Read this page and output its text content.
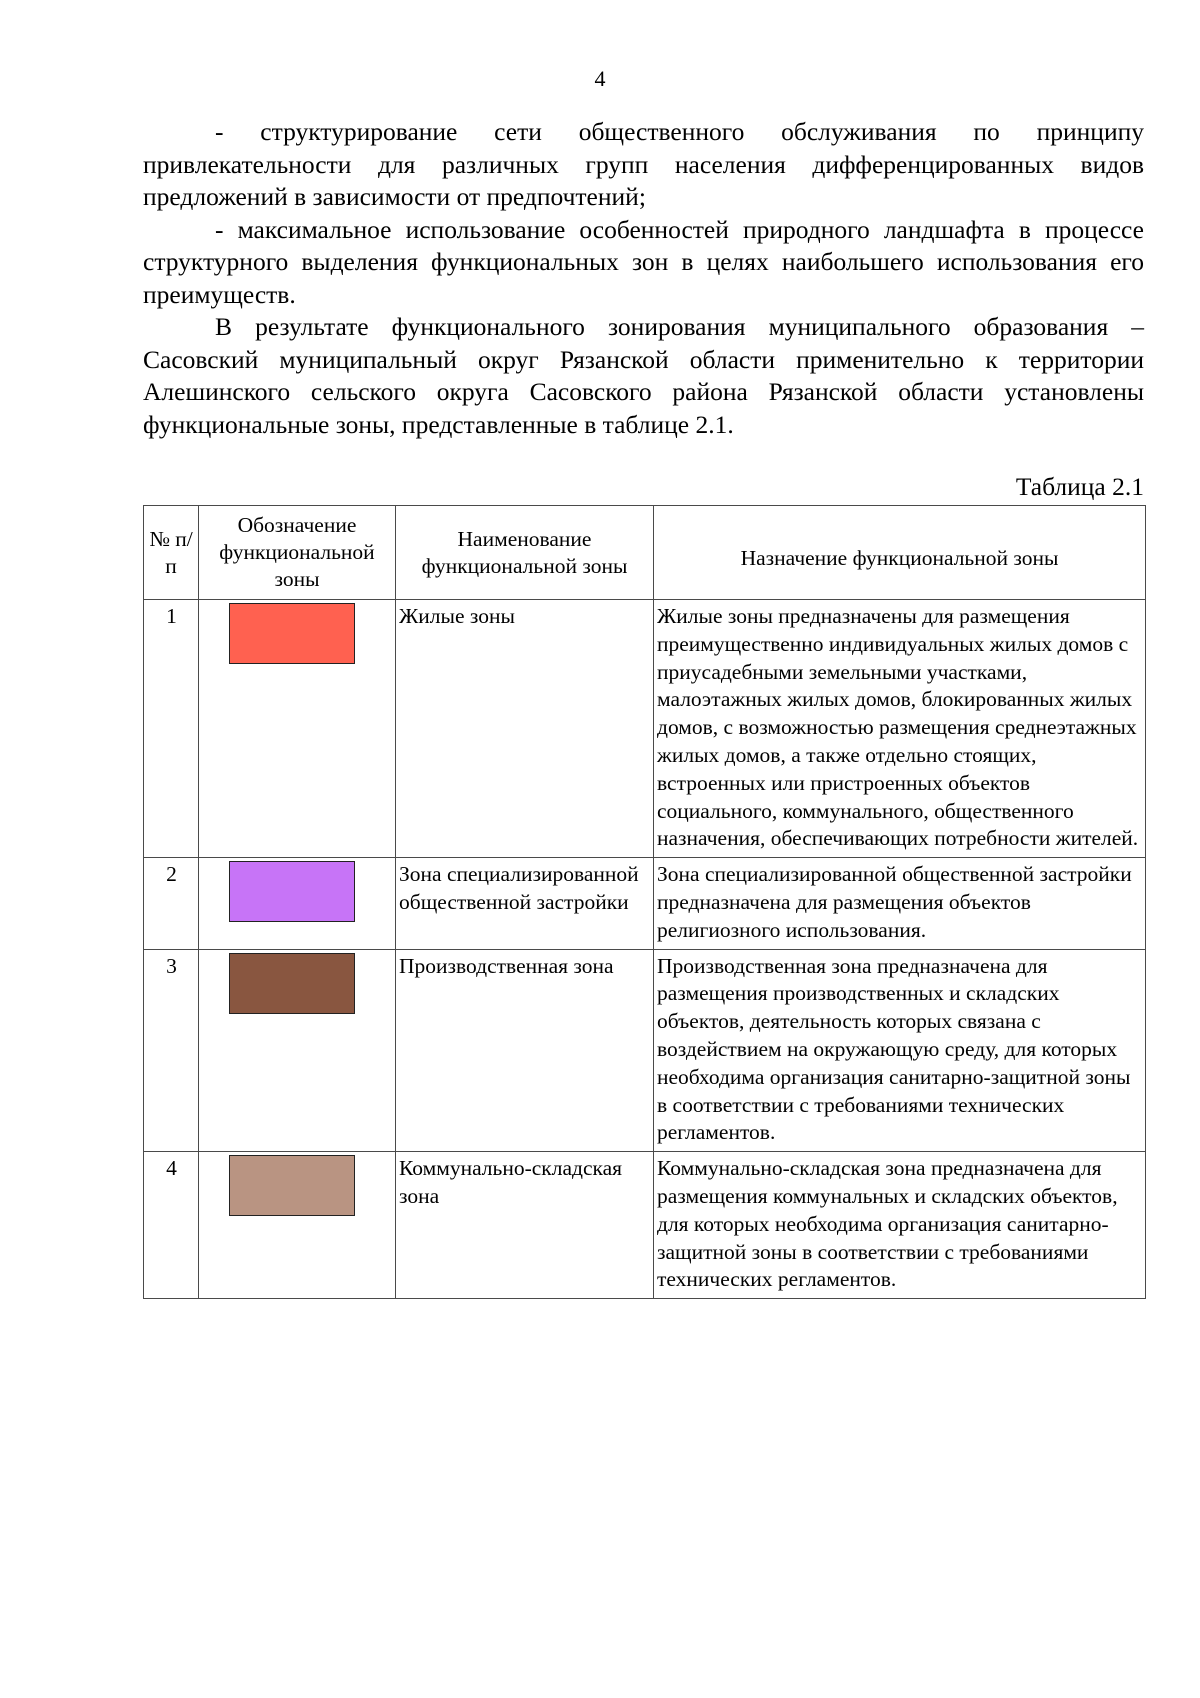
4

- структурирование сети общественного обслуживания по принципу привлекательности для различных групп населения дифференцированных видов предложений в зависимости от предпочтений;

- максимальное использование особенностей природного ландшафта в процессе структурного выделения функциональных зон в целях наибольшего использования его преимуществ.

В результате функционального зонирования муниципального образования – Сасовский муниципальный округ Рязанской области применительно к территории Алешинского сельского округа Сасовского района Рязанской области установлены функциональные зоны, представленные в таблице 2.1.

Таблица 2.1
№ п/п	Обозначение функциональной зоны	Наименование функциональной зоны	Назначение функциональной зоны
1		Жилые зоны	Жилые зоны предназначены для размещения преимущественно индивидуальных жилых домов с приусадебными земельными участками, малоэтажных жилых домов, блокированных жилых домов, с возможностью размещения среднеэтажных жилых домов, а также отдельно стоящих, встроенных или пристроенных объектов социального, коммунального, общественного назначения, обеспечивающих потребности жителей.
2		Зона специализированной общественной застройки	Зона специализированной общественной застройки предназначена для размещения объектов религиозного использования.
3		Производственная зона	Производственная зона предназначена для размещения производственных и складских объектов, деятельность которых связана с воздействием на окружающую среду, для которых необходима организация санитарно-защитной зоны в соответствии с требованиями технических регламентов.
4		Коммунально-складская зона	Коммунально-складская зона предназначена для размещения коммунальных и складских объектов, для которых необходима организация санитарно-защитной зоны в соответствии с требованиями технических регламентов.
